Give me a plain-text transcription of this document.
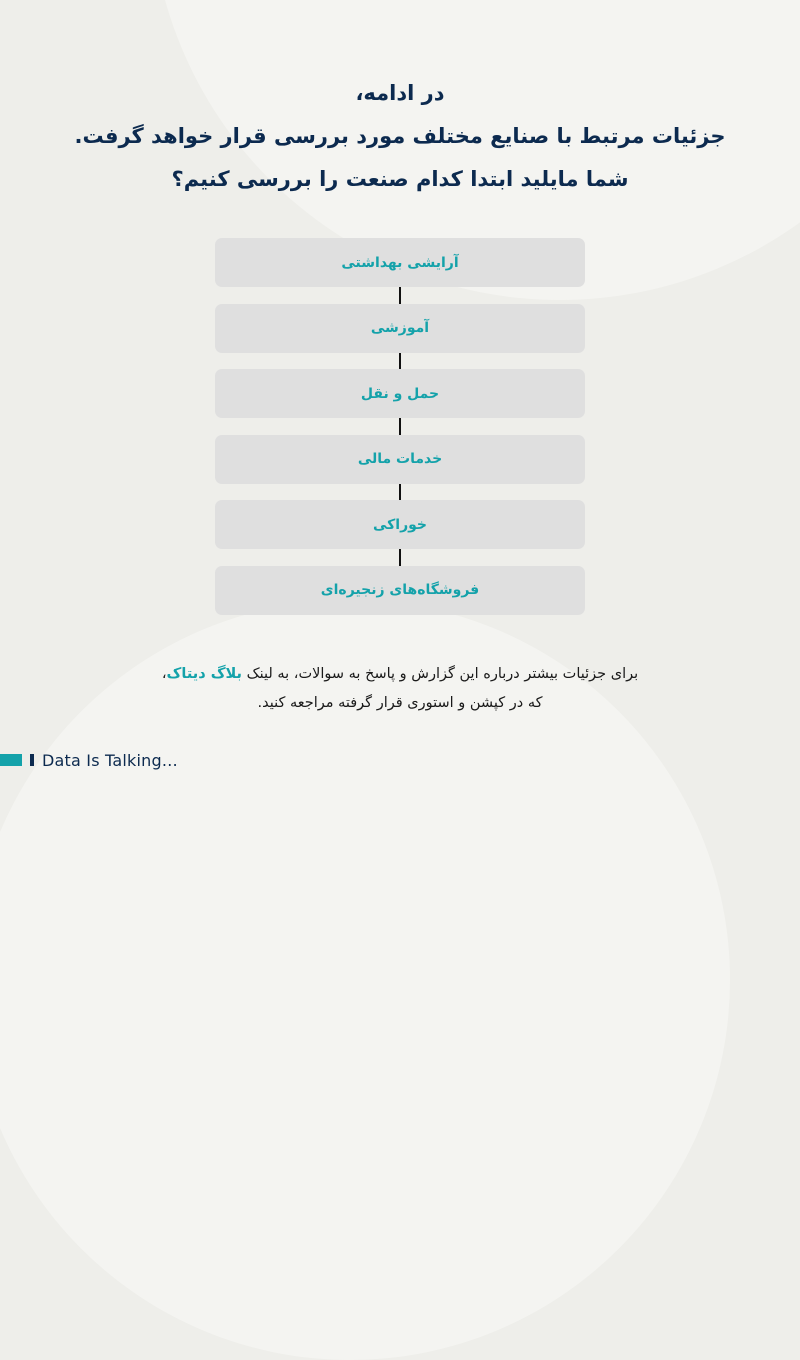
در ادامه،
جزئیات مرتبط با صنایع مختلف مورد بررسی قرار خواهد گرفت.
شما مایلید ابتدا کدام صنعت را بررسی کنیم؟
آرایشی بهداشتی
آموزشی
حمل و نقل
خدمات مالی
خوراکی
فروشگاه‌های زنجیره‌ای
برای جزئیات بیشتر درباره این گزارش و پاسخ به سوالات، به لینک بلاگ دیتاک،
که در کپشن و استوری قرار گرفته مراجعه کنید.
Data Is Talking…
